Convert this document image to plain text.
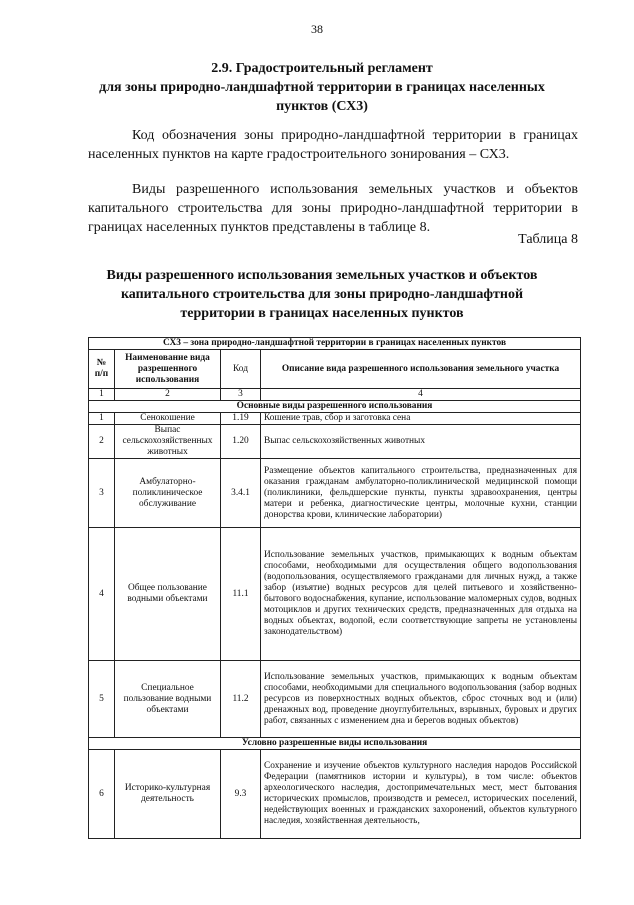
38
2.9. Градостроительный регламент
для зоны природно-ландшафтной территории в границах населенных
пунктов (СХ3)
Код обозначения зоны природно-ландшафтной территории в границах населенных пунктов на карте градостроительного зонирования – СХ3.
Виды разрешенного использования земельных участков и объектов капитального строительства для зоны природно-ландшафтной территории в границах населенных пунктов представлены в таблице 8.
Таблица 8
Виды разрешенного использования земельных участков и объектов
капитального строительства для зоны природно-ландшафтной
территории в границах населенных пунктов
СХ3 – зона природно-ландшафтной территории в границах населенных пунктов			
№ п/п	Наименование вида разрешенного использования	Код	Описание вида разрешенного использования земельного участка
1	2	3	4
Основные виды разрешенного использования			
1	Сенокошение	1.19	Кошение трав, сбор и заготовка сена
2	Выпас сельскохозяйственных животных	1.20	Выпас сельскохозяйственных животных
3	Амбулаторно-поликлиническое обслуживание	3.4.1	Размещение объектов капитального строительства, предназначенных для оказания гражданам амбулаторно-поликлинической медицинской помощи (поликлиники, фельдшерские пункты, пункты здравоохранения, центры матери и ребенка, диагностические центры, молочные кухни, станции донорства крови, клинические лаборатории)
4	Общее пользование водными объектами	11.1	Использование земельных участков, примыкающих к водным объектам способами, необходимыми для осуществления общего водопользования (водопользования, осуществляемого гражданами для личных нужд, а также забор (изъятие) водных ресурсов для целей питьевого и хозяйственно-бытового водоснабжения, купание, использование маломерных судов, водных мотоциклов и других технических средств, предназначенных для отдыха на водных объектах, водопой, если соответствующие запреты не установлены законодательством)
5	Специальное пользование водными объектами	11.2	Использование земельных участков, примыкающих к водным объектам способами, необходимыми для специального водопользования (забор водных ресурсов из поверхностных водных объектов, сброс сточных вод и (или) дренажных вод, проведение дноуглубительных, взрывных, буровых и других работ, связанных с изменением дна и берегов водных объектов)
Условно разрешенные виды использования			
6	Историко-культурная деятельность	9.3	Сохранение и изучение объектов культурного наследия народов Российской Федерации (памятников истории и культуры), в том числе: объектов археологического наследия, достопримечательных мест, мест бытования исторических промыслов, производств и ремесел, исторических поселений, недействующих военных и гражданских захоронений, объектов культурного наследия, хозяйственная деятельность,
